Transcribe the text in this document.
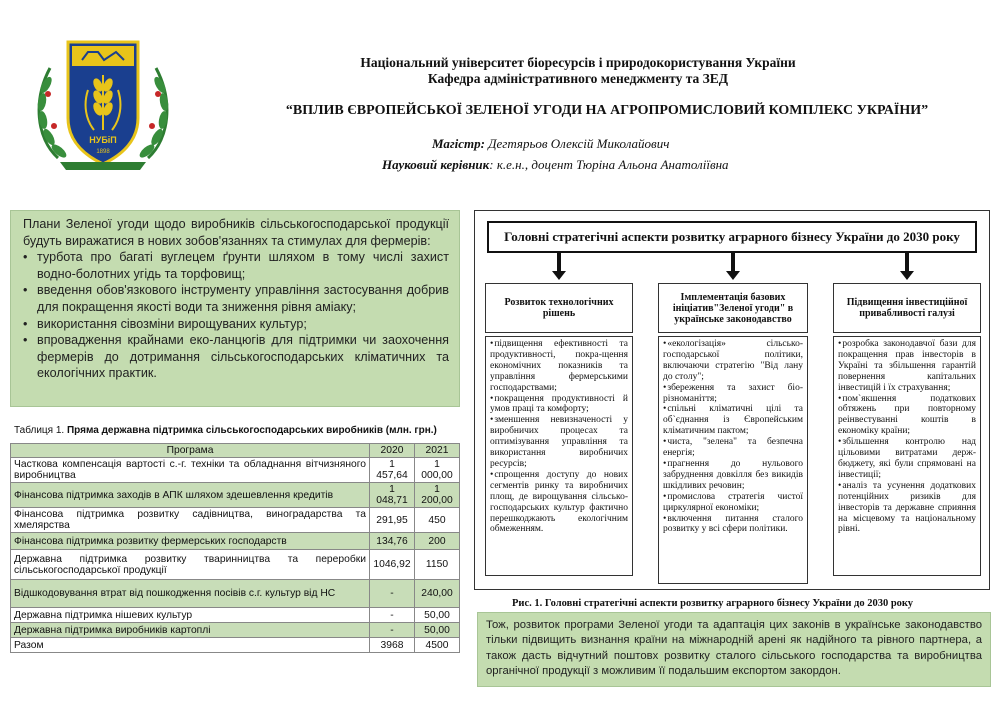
НУБіП
1898
Національний університет біоресурсів і природокористування України
Кафедра адміністративного менеджменту та ЗЕД
“ВПЛИВ ЄВРОПЕЙСЬКОЇ ЗЕЛЕНОЇ УГОДИ НА АГРОПРОМИСЛОВИЙ КОМПЛЕКС УКРАЇНИ”
Магістр: Дегтярьов Олексій Миколайович
Науковий керівник: к.е.н., доцент Тюріна Альона Анатоліївна

Плани Зеленої угоди щодо виробників сільськогосподарської продукції будуть виражатися в нових зобов'язаннях та стимулах для фермерів:

• турбота про багаті вуглецем ґрунти шляхом в тому числі захист водно-болотних угідь та торфовищ;
• введення обов'язкового інструменту управління застосування добрив для покращення якості води та зниження рівня аміаку;
• використання сівозміни вирощуваних культур;
• впровадження крайнами еко-ланцюгів для підтримки чи заохочення фермерів до дотримання сільськогосподарських кліматичних та екологічних практик.
Таблиця 1. Пряма державна підтримка сільськогосподарських виробників (млн. грн.)
Програма	2020	2021
Часткова компенсація вартості с.-г. техніки та обладнання вітчизняного виробництва	1 457,64	1 000,00
Фінансова підтримка заходів в АПК шляхом здешевлення кредитів	1 048,71	1 200,00
Фінансова підтримка розвитку садівництва, виноградарства та хмелярства	291,95	450
Фінансова підтримка розвитку фермерських господарств	134,76	200
Державна підтримка розвитку тваринництва та переробки сільськогосподарської продукції	1046,92	1150
Відшкодовування втрат від пошкодження посівів с.г. культур від НС	-	240,00
Державна підтримка нішевих культур	-	50,00
Державна підтримка виробників картоплі	-	50,00
Разом	3968	4500
Головні стратегічні аспекти розвитку аграрного бізнесу України до 2030 року
Розвиток технологічних рішень
Імплементація базових ініціатив"Зеленої угоди" в українське законодавство
Підвищення інвестиційної привабливості галузі
• підвищення ефективності та продуктивності, покра-щення економічних показників та управління фермерськими господарствами;
• покращення продуктивності й умов праці та комфорту;
• зменшення невизначеності у виробничих процесах та оптимізування управління та використання виробничих ресурсів;
• спрощення доступу до нових сегментів ринку та виробничих площ, де вирощування сільсько-господарських культур фактично перешкоджають екологічним обмеженням.
• «екологізація» сільсько-господарської політики, включаючи стратегію "Від лану до столу";
• збереження та захист біо-різноманіття;
• спільні кліматичні цілі та об`єднання із Європейським кліматичним пактом;
• чиста, "зелена" та безпечна енергія;
• прагнення до нульового забруднення довкілля без викидів шкідливих речовин;
• промислова стратегія чистої циркулярної економіки;
• включення питання сталого розвитку у всі сфери політики.
• розробка законодавчої бази для покращення прав інвесторів в Україні та збільшення гарантій повернення капітальних інвестицій і їх страхування;
• пом`якшення податкових обтяжень при повторному реінвестуванні коштів в економіку країни;
• збільшення контролю над цільовими витратами держ-бюджету, які були спрямовані на інвестиції;
• аналіз та усунення додаткових потенційних ризиків для інвесторів та державне сприяння на місцевому та національному рівні.
Рис. 1. Головні стратегічні аспекти розвитку аграрного бізнесу України до 2030 року
Тож, розвиток програми Зеленої угоди та адаптація цих законів в українське законодавство тільки підвищить визнання країни на міжнародній арені як надійного та рівного партнера, а також дасть відчутний поштовх розвитку сталого сільського господарства та виробництва органічної продукції з можливим її подальшим експортом закордон.
